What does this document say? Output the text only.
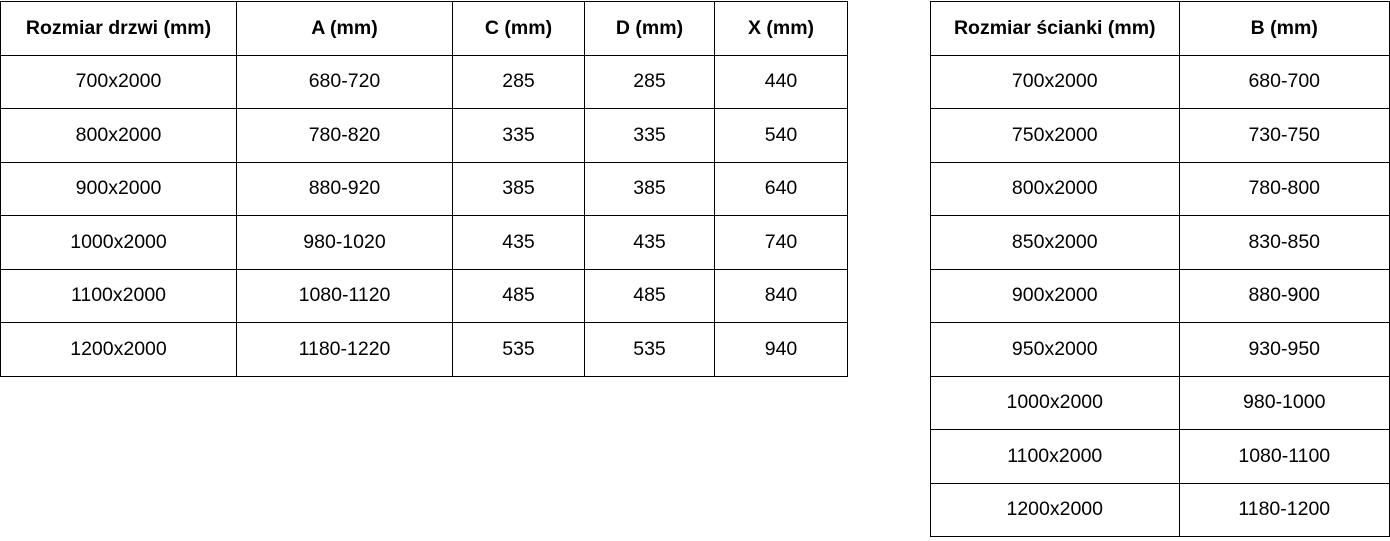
Rozmiar drzwi (mm)	A (mm)	C (mm)	D (mm)	X (mm)
700x2000	680-720	285	285	440
800x2000	780-820	335	335	540
900x2000	880-920	385	385	640
1000x2000	980-1020	435	435	740
1100x2000	1080-1120	485	485	840
1200x2000	1180-1220	535	535	940
Rozmiar ścianki (mm)	B (mm)
700x2000	680-700
750x2000	730-750
800x2000	780-800
850x2000	830-850
900x2000	880-900
950x2000	930-950
1000x2000	980-1000
1100x2000	1080-1100
1200x2000	1180-1200
